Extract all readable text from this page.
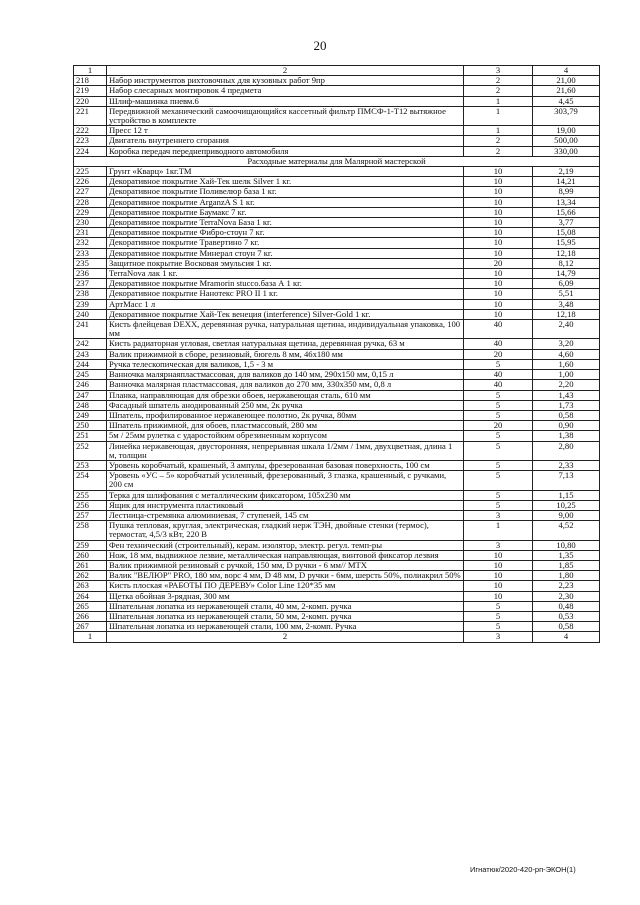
20
1	2	3	4
218	Набор инструментов рихтовочных для кузовных работ 9пр	2	21,00
219	Набор слесарных монтировок 4 предмета	2	21,60
220	Шлиф-машинка пневм.6	1	4,45
221	Передвижной механический самоочищающийся кассетный фильтр ПМСФ-1-Т12 вытяжное устройство в комплекте	1	303,79
222	Пресс 12 т	1	19,00
223	Двигатель внутреннего сгорания	2	500,00
224	Коробка передач переднеприводного автомобиля	2	330,00
Расходные материалы для Малярной мастерской			
225	Грунт «Кварц» 1кг.ТМ	10	2,19
226	Декоративное покрытие Хай-Тек шелк Silver 1 кг.	10	14,21
227	Декоративное покрытие Поливелюр база 1 кг.	10	8,99
228	Декоративное покрытие ArganzA S 1 кг.	10	13,34
229	Декоративное покрытие Баумакс 7 кг.	10	15,66
230	Декоративное покрытие TerraNova База 1 кг.	10	3,77
231	Декоративное покрытие Фибро-стоун 7 кг.	10	15,08
232	Декоративное покрытие Травертино 7 кг.	10	15,95
233	Декоративное покрытие Минерал стоун 7 кг.	10	12,18
235	Защитное покрытие Восковая эмульсия 1 кг.	20	8,12
236	TerraNova лак 1 кг.	10	14,79
237	Декоративное покрытие Mramorin stucco.база А 1 кг.	10	6,09
238	Декоративное покрытие Нанотекс PRO II 1 кг.	10	5,51
239	АртМасс 1 л	10	3,48
240	Декоративное покрытие Хай-Тек венеция (interference) Silver-Gold 1 кг.	10	12,18
241	Кисть флейцевая DEXX, деревянная ручка, натуральная щетина, индивидуальная упаковка, 100 мм	40	2,40
242	Кисть радиаторная угловая, светлая натуральная щетина, деревянная ручка, 63 м	40	3,20
243	Валик прижимной в сборе, резиновый, бюгель 8 мм, 46х180 мм	20	4,60
244	Ручка телескопическая для валиков, 1,5 - 3 м	5	1,60
245	Ванночка малярнаяпластмассовая, для валиков до 140 мм, 290х150 мм, 0,15 л	40	1,00
246	Ванночка малярная пластмассовая, для валиков до 270 мм, 330х350 мм, 0,8 л	40	2,20
247	Планка, направляющая для обрезки обоев, нержавеющая сталь, 610 мм	5	1,43
248	Фасадный шпатель анодированный 250 мм, 2к ручка	5	1,73
249	Шпатель, профилированное нержавеющее полотно, 2к ручка, 80мм	5	0,58
250	Шпатель прижимной, для обоев, пластмассовый, 280 мм	20	0,90
251	5м / 25мм рулетка с ударостойким обрезиненным корпусом	5	1,38
252	Линейка нержавеющая, двусторонняя, непрерывная шкала 1/2мм / 1мм, двухцветная, длина 1 м, толщин	5	2,80
253	Уровень коробчатый, крашеный, 3 ампулы, фрезерованная базовая поверхность, 100 см	5	2,33
254	Уровень «УС – 5» коробчатый усиленный, фрезерованный, 3 глазка, крашенный, с ручками, 200 см	5	7,13
255	Терка для шлифования с металлическим фиксатором, 105х230 мм	5	1,15
256	Ящик для инструмента пластиковый	5	10,25
257	Лестница-стремянка алюминиевая, 7 ступеней, 145 см	3	9,00
258	Пушка тепловая, круглая, электрическая, гладкий нерж ТЭН, двойные стенки (термос), термостат, 4,5/3 кВт, 220 В	1	4,52
259	Фен технический (строительный), керам. изолятор, электр. регул. темп-ры	3	10,80
260	Нож, 18 мм, выдвижное лезвие, металлическая направляющая, винтовой фиксатор лезвия	10	1,35
261	Валик прижимной резиновый с ручкой, 150 мм, D ручки - 6 мм// MTX	10	1,85
262	Валик "ВЕЛЮР" PRO, 180 мм, ворс 4 мм, D 48 мм, D ручки - 6мм, шерсть 50%, полиакрил 50%	10	1,80
263	Кисть плоская «РАБОТЫ ПО ДЕРЕВУ» Color Line 120*35 мм	10	2,23
264	Щетка обойная 3-рядная, 300 мм	10	2,30
265	Шпательная лопатка из нержавеющей стали, 40 мм, 2-комп. ручка	5	0,48
266	Шпательная лопатка из нержавеющей стали, 50 мм, 2-комп. ручка	5	0,53
267	Шпательная лопатка из нержавеющей стали, 100 мм, 2-комп. Ручка	5	0,58
1	2	3	4
Игнатюк/2020-420-рп-ЭКОН(1)
